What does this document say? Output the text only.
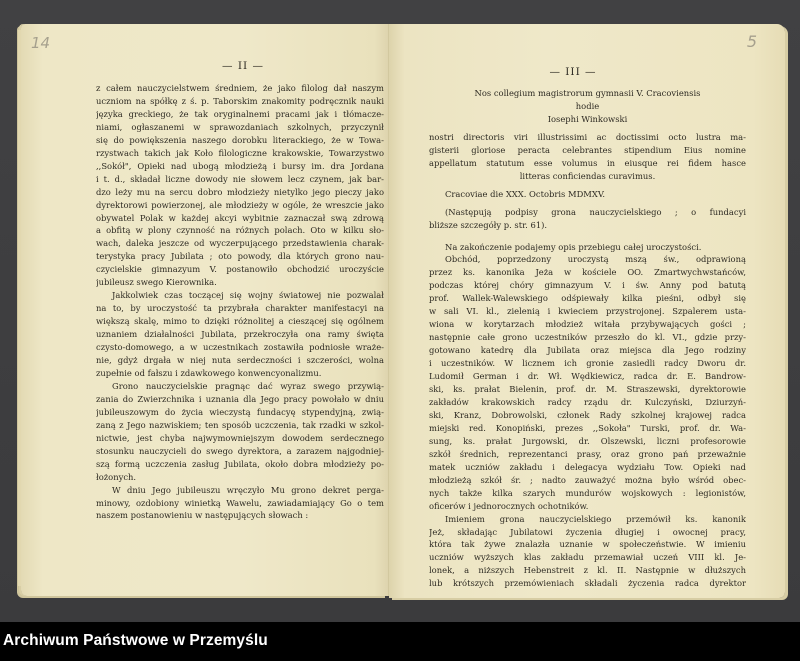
14
— II —
z całem nauczycielstwem średniem, że jako filolog dał naszym
uczniom na spółkę z ś. p. Taborskim znakomity podręcznik nauki
języka greckiego, że tak oryginalnemi pracami jak i tłómacze-
niami, ogłaszanemi w sprawozdaniach szkolnych, przyczynił
się do powiększenia naszego dorobku literackiego, że w Towa-
rzystwach takich jak Koło filologiczne krakowskie, Towarzystwo
,,Sokół", Opieki nad ubogą młodzieżą i bursy im. dra Jordana
i t. d., składał liczne dowody nie słowem lecz czynem, jak bar-
dzo leży mu na sercu dobro młodzieży nietylko jego pieczy jako
dyrektorowi powierzonej, ale młodzieży w ogóle, że wreszcie jako
obywatel Polak w każdej akcyi wybitnie zaznaczał swą zdrową
a obfitą w plony czynność na różnych polach. Oto w kilku sło-
wach, daleka jeszcze od wyczerpującego przedstawienia charak-
terystyka pracy Jubilata ; oto powody, dla których grono nau-
czycielskie gimnazyum V. postanowiło obchodzić uroczyście
jubileusz swego Kierownika.
Jakkolwiek czas toczącej się wojny światowej nie pozwalał
na to, by uroczystość ta przybrała charakter manifestacyi na
większą skalę, mimo to dzięki różnolitej a cieszącej się ogólnem
uznaniem działalności Jubilata, przekroczyła ona ramy święta
czysto-domowego, a w uczestnikach zostawiła podniosłe wraże-
nie, gdyż drgała w niej nuta serdeczności i szczerości, wolna
zupełnie od fałszu i zdawkowego konwencyonalizmu.
Grono nauczycielskie pragnąc dać wyraz swego przywią-
zania do Zwierzchnika i uznania dla Jego pracy powołało w dniu
jubileuszowym do życia wieczystą fundacyę stypendyjną, zwią-
zaną z Jego nazwiskiem; ten sposób uczczenia, tak rzadki w szkol-
nictwie, jest chyba najwymowniejszym dowodem serdecznego
stosunku nauczycieli do swego dyrektora, a zarazem najgodniej-
szą formą uczczenia zasług Jubilata, około dobra młodzieży po-
łożonych.
W dniu Jego jubileuszu wręczyło Mu grono dekret perga-
minowy, ozdobiony winietką Wawelu, zawiadamiający Go o tem
naszem postanowieniu w następujących słowach :
5
— III —
Nos collegium magistrorum gymnasii V. Cracoviensis
hodie
Iosephi Winkowski
nostri directoris viri illustrissimi ac doctissimi octo lustra ma-
gisterii gloriose peracta celebrantes stipendium Eius nomine
appellatum statutum esse volumus in eiusque rei fidem hasce
litteras conficiendas curavimus.
Cracoviae die XXX. Octobris MDMXV.
(Następują podpisy grona nauczycielskiego ; o fundacyi
bliższe szczegóły p. str. 61).
Na zakończenie podajemy opis przebiegu całej uroczystości.
Obchód, poprzedzony uroczystą mszą św., odprawioną
przez ks. kanonika Jeża w kościele OO. Zmartwychwstańców,
podczas której chóry gimnazyum V. i św. Anny pod batutą
prof. Wallek-Walewskiego odśpiewały kilka pieśni, odbył się
w sali VI. kl., zielenią i kwieciem przystrojonej. Szpalerem usta-
wiona w korytarzach młodzież witała przybywających gości ;
następnie całe grono uczestników przeszło do kl. VI., gdzie przy-
gotowano katedrę dla Jubilata oraz miejsca dla Jego rodziny
i uczestników. W licznem ich gronie zasiedli radcy Dworu dr.
Ludomił German i dr. Wł. Wędkiewicz, radca dr. E. Bandrow-
ski, ks. prałat Bielenin, prof. dr. M. Straszewski, dyrektorowie
zakładów krakowskich radcy rządu dr. Kulczyński, Dziurzyń-
ski, Kranz, Dobrowolski, członek Rady szkolnej krajowej radca
miejski red. Konopiński, prezes ,,Sokoła" Turski, prof. dr. Wa-
sung, ks. prałat Jurgowski, dr. Olszewski, liczni profesorowie
szkół średnich, reprezentanci prasy, oraz grono pań przeważnie
matek uczniów zakładu i delegacya wydziału Tow. Opieki nad
młodzieżą szkół śr. ; nadto zauważyć można było wśród obec-
nych także kilka szarych mundurów wojskowych : legionistów,
oficerów i jednorocznych ochotników.
Imieniem grona nauczycielskiego przemówił ks. kanonik
Jeż, składając Jubilatowi życzenia długiej i owocnej pracy,
która tak żywe znalazła uznanie w społeczeństwie. W imieniu
uczniów wyższych klas zakładu przemawiał uczeń VIII kl. Je-
lonek, a niższych Hebenstreit z kl. II. Następnie w dłuższych
lub krótszych przemówieniach składali życzenia radca dyrektor
Archiwum Państwowe w Przemyślu
